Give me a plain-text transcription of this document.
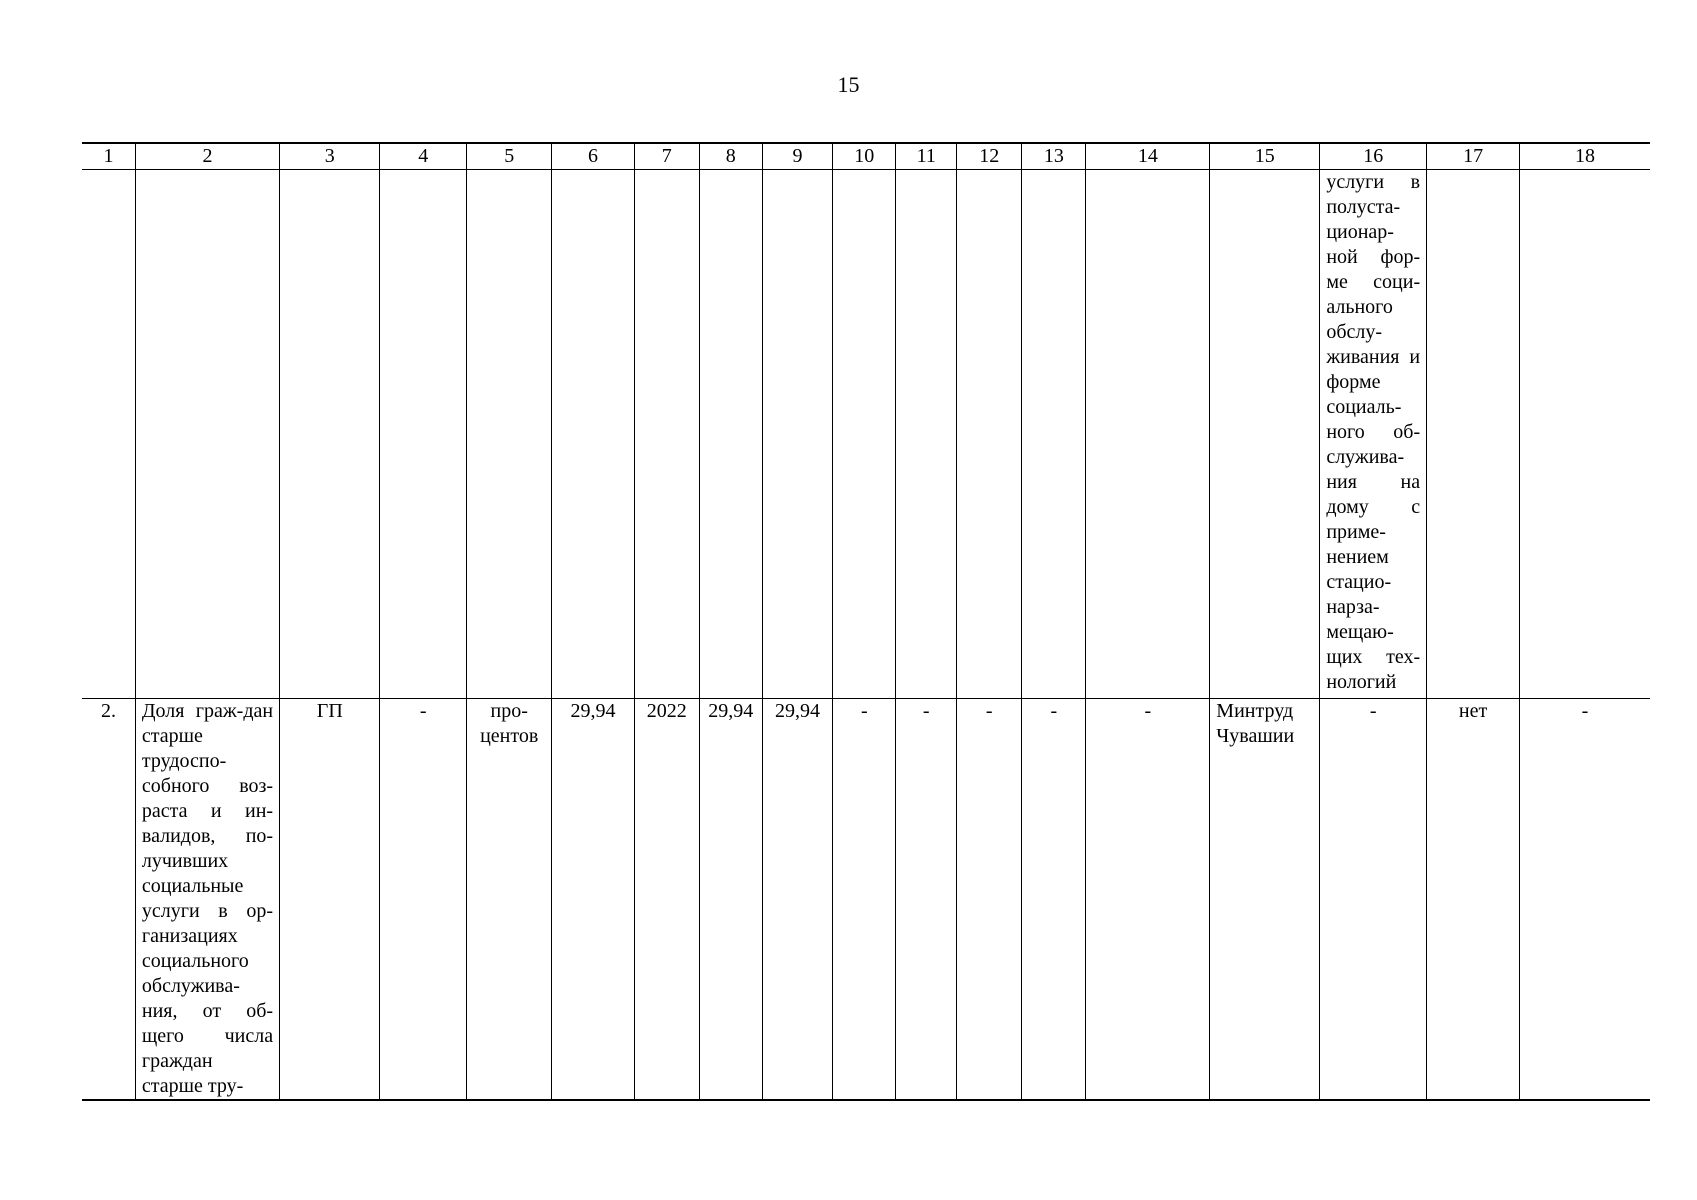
15
1	2	3	4	5	6	7	8	9	10	11	12	13	14	15	16	17	18
															услуги в полуста-ционар-ной фор-ме соци-ального обслу-живания и форме социаль-ного об-служива-ния на дому с приме-нением стацио-нарза-мещаю-щих тех-нологий		
2.	Доля граж-дан старше трудоспо-собного воз-раста и ин-валидов, по-лучивших социальные услуги в ор-ганизациях социального обслужива-ния, от об-щего числа граждан старше тру-	ГП	-	про-центов	29,94	2022	29,94	29,94	-	-	-	-	-	Минтруд Чувашии	-	нет	-
